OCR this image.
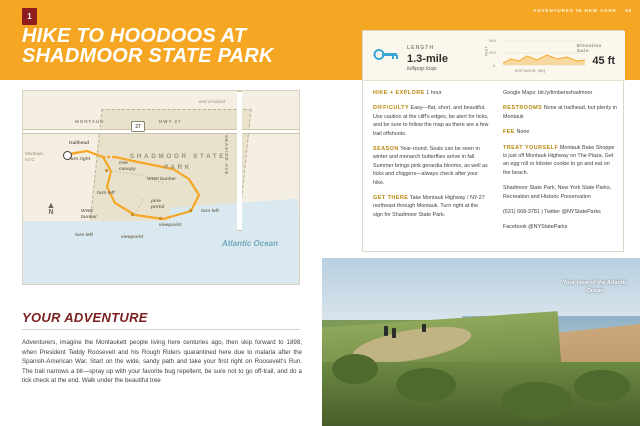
ADVENTURES IN NEW YORK 33
1
HIKE TO HOODOOS AT SHADMOOR STATE PARK
27
MONTAUK	HWY 27
SEASIDE AVE.
end of island
Montauk, NYC	SHADMOOR STATE PARK
Atlantic Ocean
▲
N
trailhead
turn right
tree canopy
WWII bunker
turn left
pine portal
turn left
WWII bunker
viewpoint
viewpoint
turn left
YOUR ADVENTURE
Adventurers, imagine the Montaukett people living here centuries ago, then skip forward to 1898, when President Teddy Roosevelt and his Rough Riders quarantined here due to malaria after the Spanish-American War. Start on the wide, sandy path and take your first right on Roosevelt's Run. The trail narrows a bit—spray up with your favorite bug repellent, be sure not to go off-trail, and do a tick check at the end. Walk under the beautiful tree
LENGTH
1.3-mile
lollipop loop
400
200
0
FEET
DISTANCE (MI)
Elevation Gain
45 ft
HIKE + EXPLORE 1 hour
DIFFICULTY Easy—flat, short, and beautiful. Use caution at the cliff's edges, be alert for ticks, and be sure to follow the map as there are a few trail offshoots.
SEASON Year-round. Seals can be seen in winter and monarch butterflies arrive in fall. Summer brings pink gerardia blooms, as well as ticks and chiggers—always check after your hike.
GET THERE Take Montauk Highway / NY-27 northeast through Montauk. Turn right at the sign for Shadmoor State Park.
Google Maps: bit.ly/timbersshadmoor
RESTROOMS None at trailhead, but plenty in Montauk
FEE None
TREAT YOURSELF Montauk Bake Shoppe is just off Montauk Highway on The Plaza. Get an egg roll or lobster cookie to go and eat on the beach.
Shadmoor State Park, New York State Parks, Recreation and Historic Preservation
(631) 668-3781 | Twitter @NYStateParks
Facebook @NYStateParks
Your view of the Atlantic Ocean
